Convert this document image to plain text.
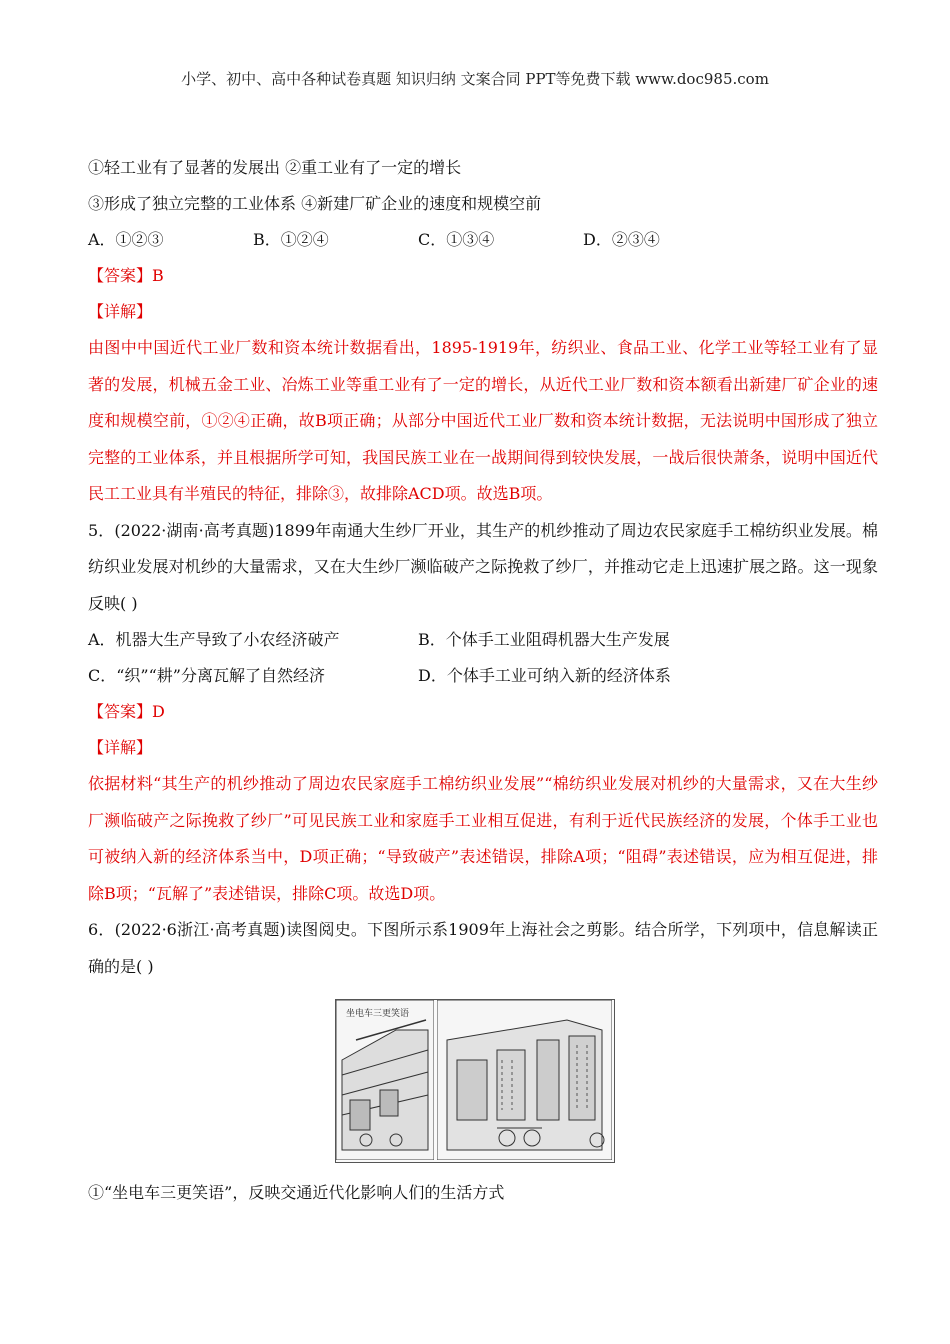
小学、初中、高中各种试卷真题 知识归纳 文案合同 PPT等免费下载 www.doc985.com
①轻工业有了显著的发展出 ②重工业有了一定的增长
③形成了独立完整的工业体系 ④新建厂矿企业的速度和规模空前
A．①②③	B．①②④	C．①③④	D．②③④
【答案】B
【详解】
由图中中国近代工业厂数和资本统计数据看出，1895-1919年，纺织业、食品工业、化学工业等轻工业有了显著的发展，机械五金工业、冶炼工业等重工业有了一定的增长，从近代工业厂数和资本额看出新建厂矿企业的速度和规模空前，①②④正确，故B项正确；从部分中国近代工业厂数和资本统计数据，无法说明中国形成了独立完整的工业体系，并且根据所学可知，我国民族工业在一战期间得到较快发展，一战后很快萧条，说明中国近代民工工业具有半殖民的特征，排除③，故排除ACD项。故选B项。
5．(2022·湖南·高考真题)1899年南通大生纱厂开业，其生产的机纱推动了周边农民家庭手工棉纺织业发展。棉纺织业发展对机纱的大量需求，又在大生纱厂濒临破产之际挽救了纱厂，并推动它走上迅速扩展之路。这一现象反映( )
A．机器大生产导致了小农经济破产	B．个体手工业阻碍机器大生产发展
C．“织”“耕”分离瓦解了自然经济	D．个体手工业可纳入新的经济体系
【答案】D
【详解】
依据材料“其生产的机纱推动了周边农民家庭手工棉纺织业发展”“棉纺织业发展对机纱的大量需求，又在大生纱厂濒临破产之际挽救了纱厂”可见民族工业和家庭手工业相互促进，有利于近代民族经济的发展，个体手工业也可被纳入新的经济体系当中，D项正确；“导致破产”表述错误，排除A项；“阻碍”表述错误，应为相互促进，排除B项；“瓦解了”表述错误，排除C项。故选D项。
6．(2022·6浙江·高考真题)读图阅史。下图所示系1909年上海社会之剪影。结合所学，下列项中，信息解读正确的是( )
坐电车三更笑语
①“坐电车三更笑语”，反映交通近代化影响人们的生活方式
